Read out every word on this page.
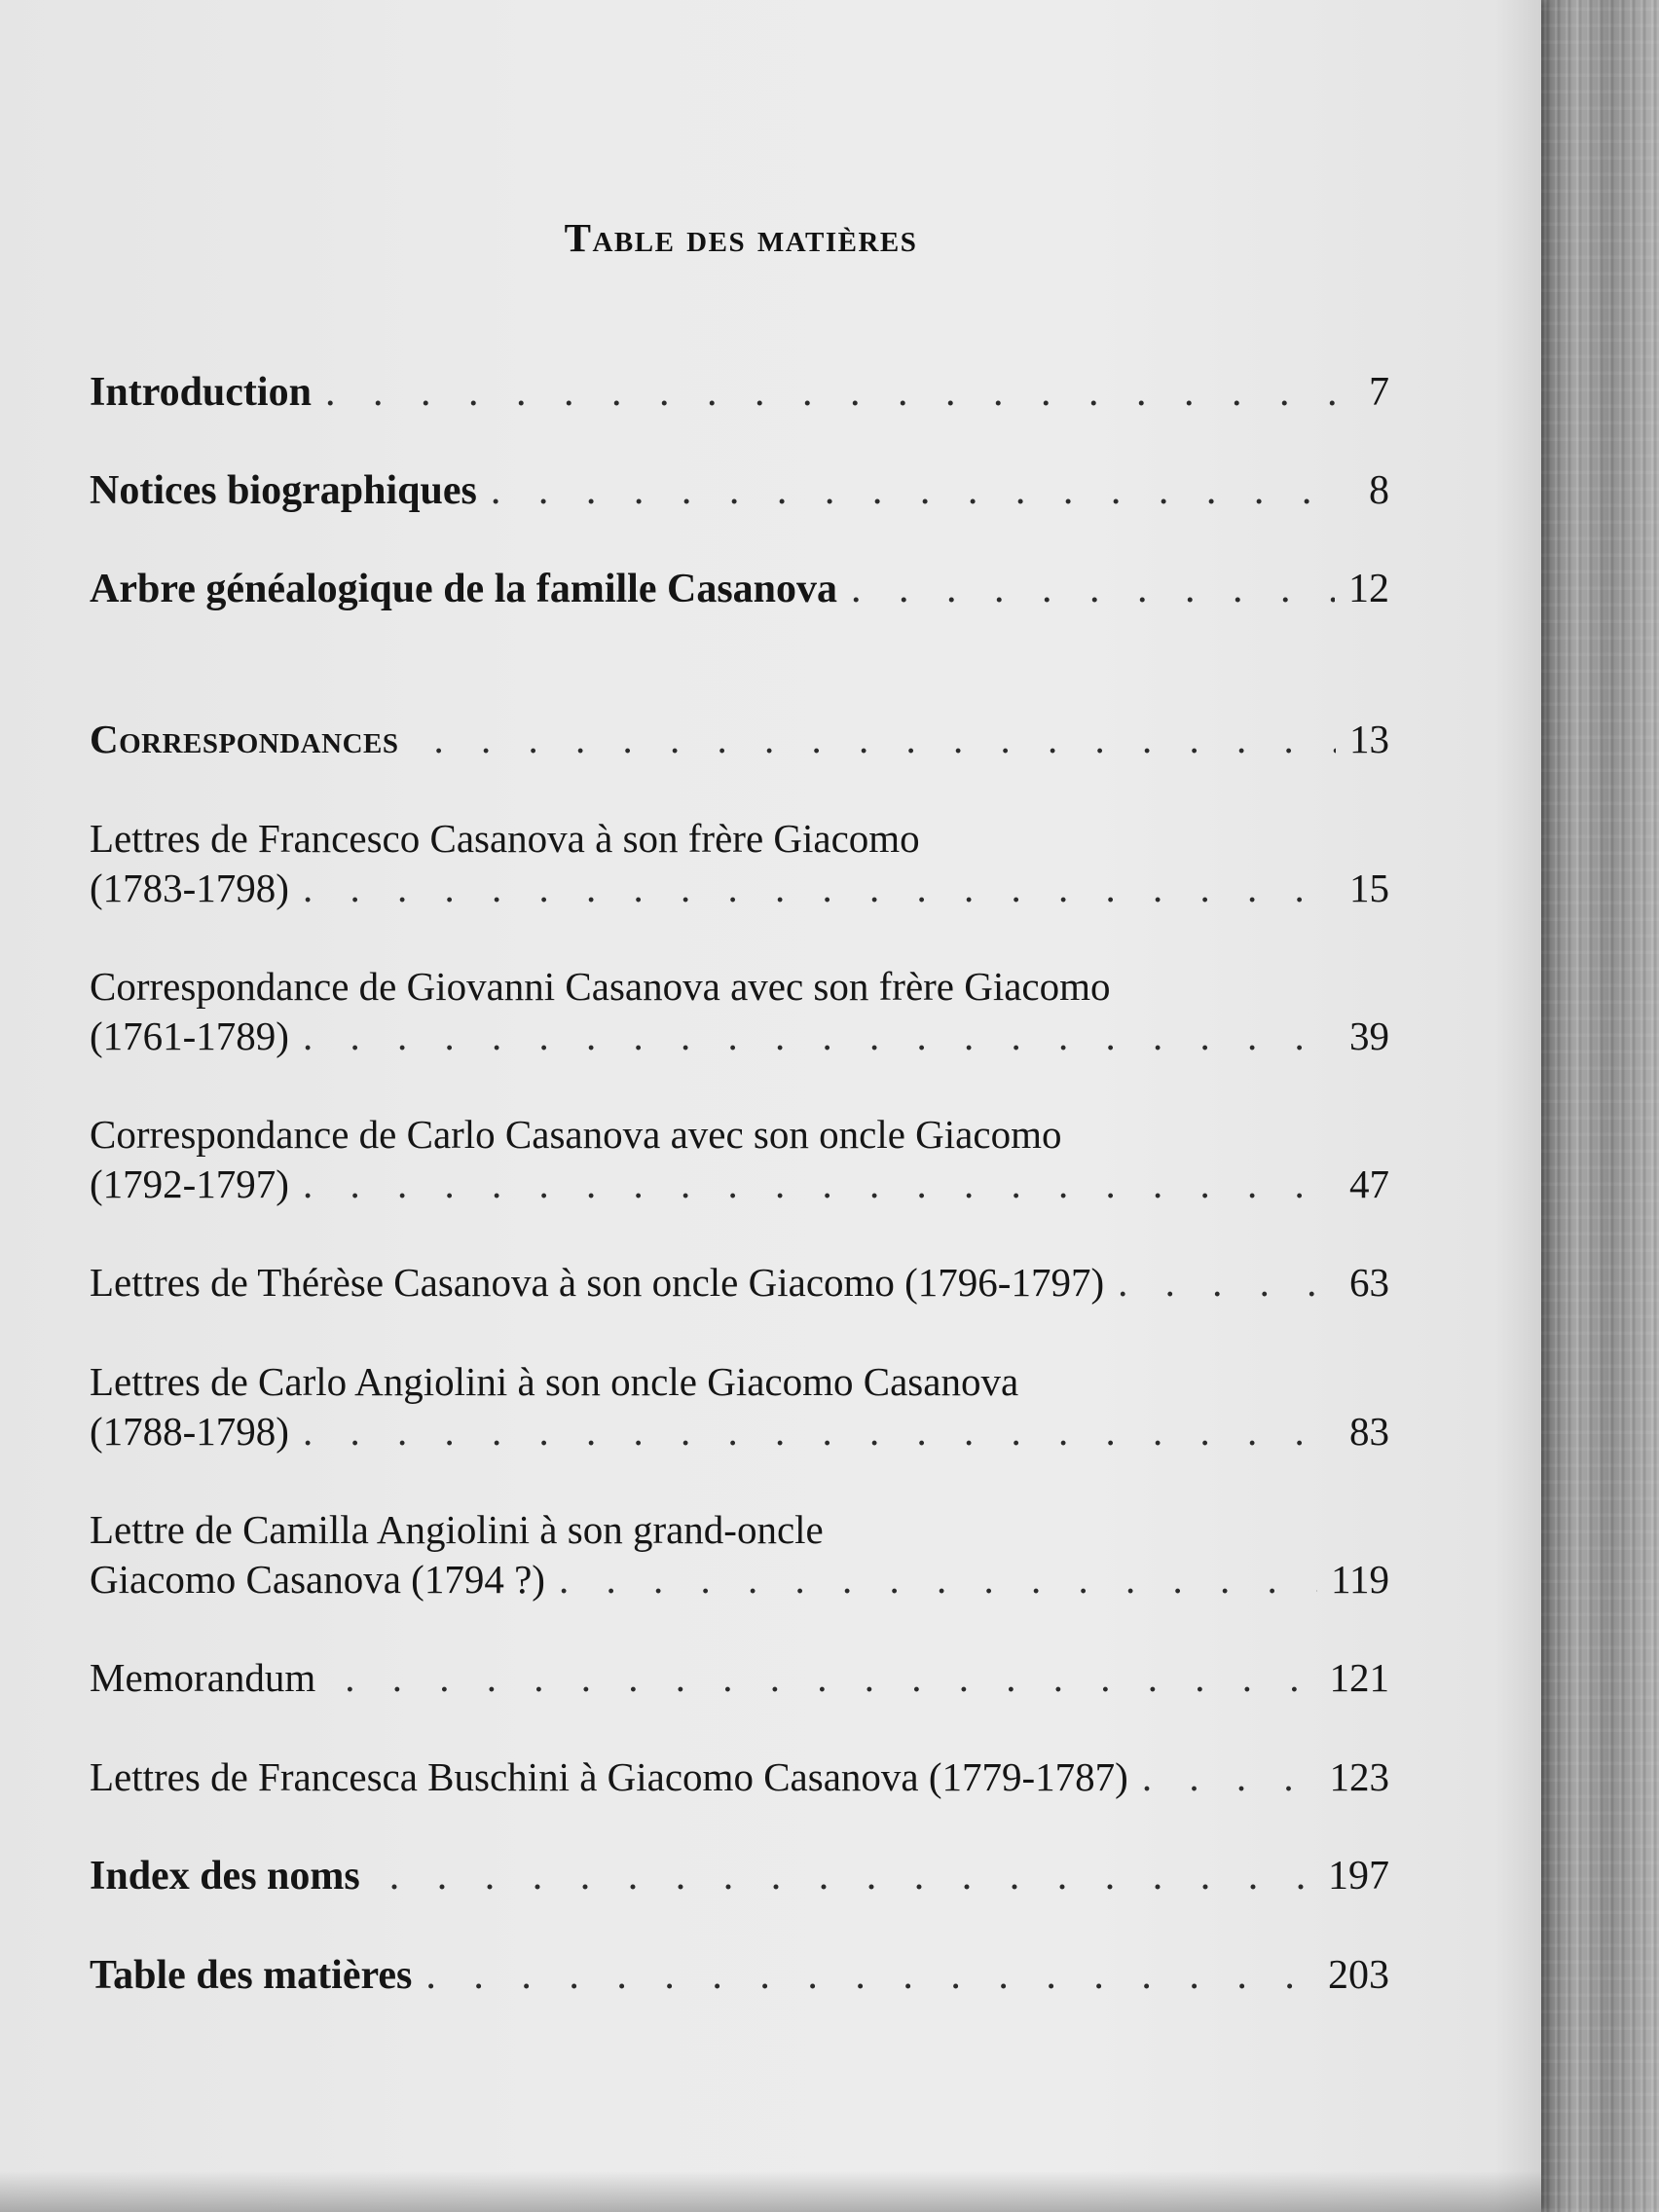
Table des matières
Introduction . . .	7
Notices biographiques . . .	8
Arbre généalogique de la famille Casanova . . .	12
Correspondances . . .	13
Lettres de Francesco Casanova à son frère Giacomo
(1783-1798) . . .	15
Correspondance de Giovanni Casanova avec son frère Giacomo
(1761-1789) . . .	39
Correspondance de Carlo Casanova avec son oncle Giacomo
(1792-1797) . . .	47
Lettres de Thérèse Casanova à son oncle Giacomo (1796-1797) . . .	63
Lettres de Carlo Angiolini à son oncle Giacomo Casanova
(1788-1798) . . .	83
Lettre de Camilla Angiolini à son grand-oncle
Giacomo Casanova (1794 ?) . . .	119
Memorandum . . .	121
Lettres de Francesca Buschini à Giacomo Casanova (1779-1787) . . .	123
Index des noms . . .	197
Table des matières . . .	203
